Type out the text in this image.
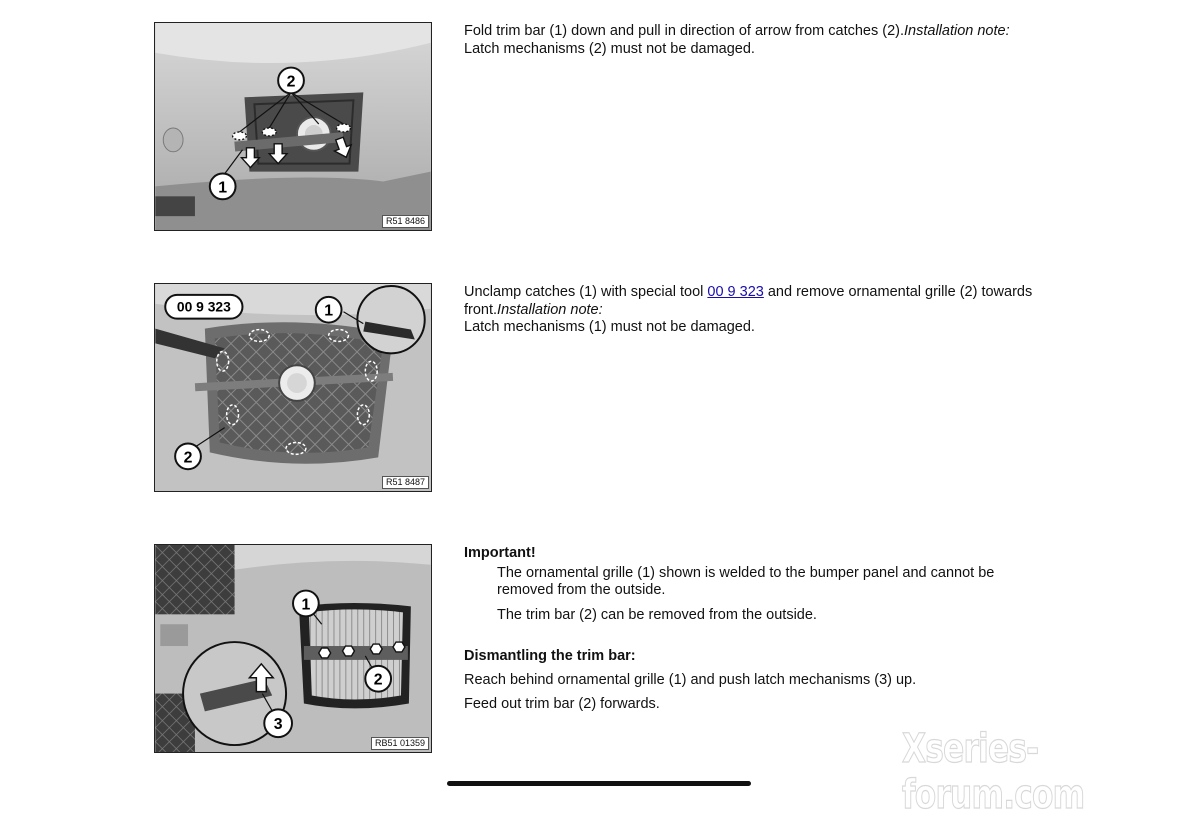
2
1
R51 8486

Fold trim bar (1) down and pull in direction of arrow from catches (2).Installation note:

Latch mechanisms (2) must not be damaged.

00 9 323	1
2
R51 8487

Unclamp catches (1) with special tool 00 9 323 and remove ornamental grille (2) towards front.Installation note:

Latch mechanisms (1) must not be damaged.

1
2
3
RB51 01359

Important!

The ornamental grille (1) shown is welded to the bumper panel and cannot be removed from the outside.

The trim bar (2) can be removed from the outside.

Dismantling the trim bar:

Reach behind ornamental grille (1) and push latch mechanisms (3) up.

Feed out trim bar (2) forwards.

Xseries-forum.com
